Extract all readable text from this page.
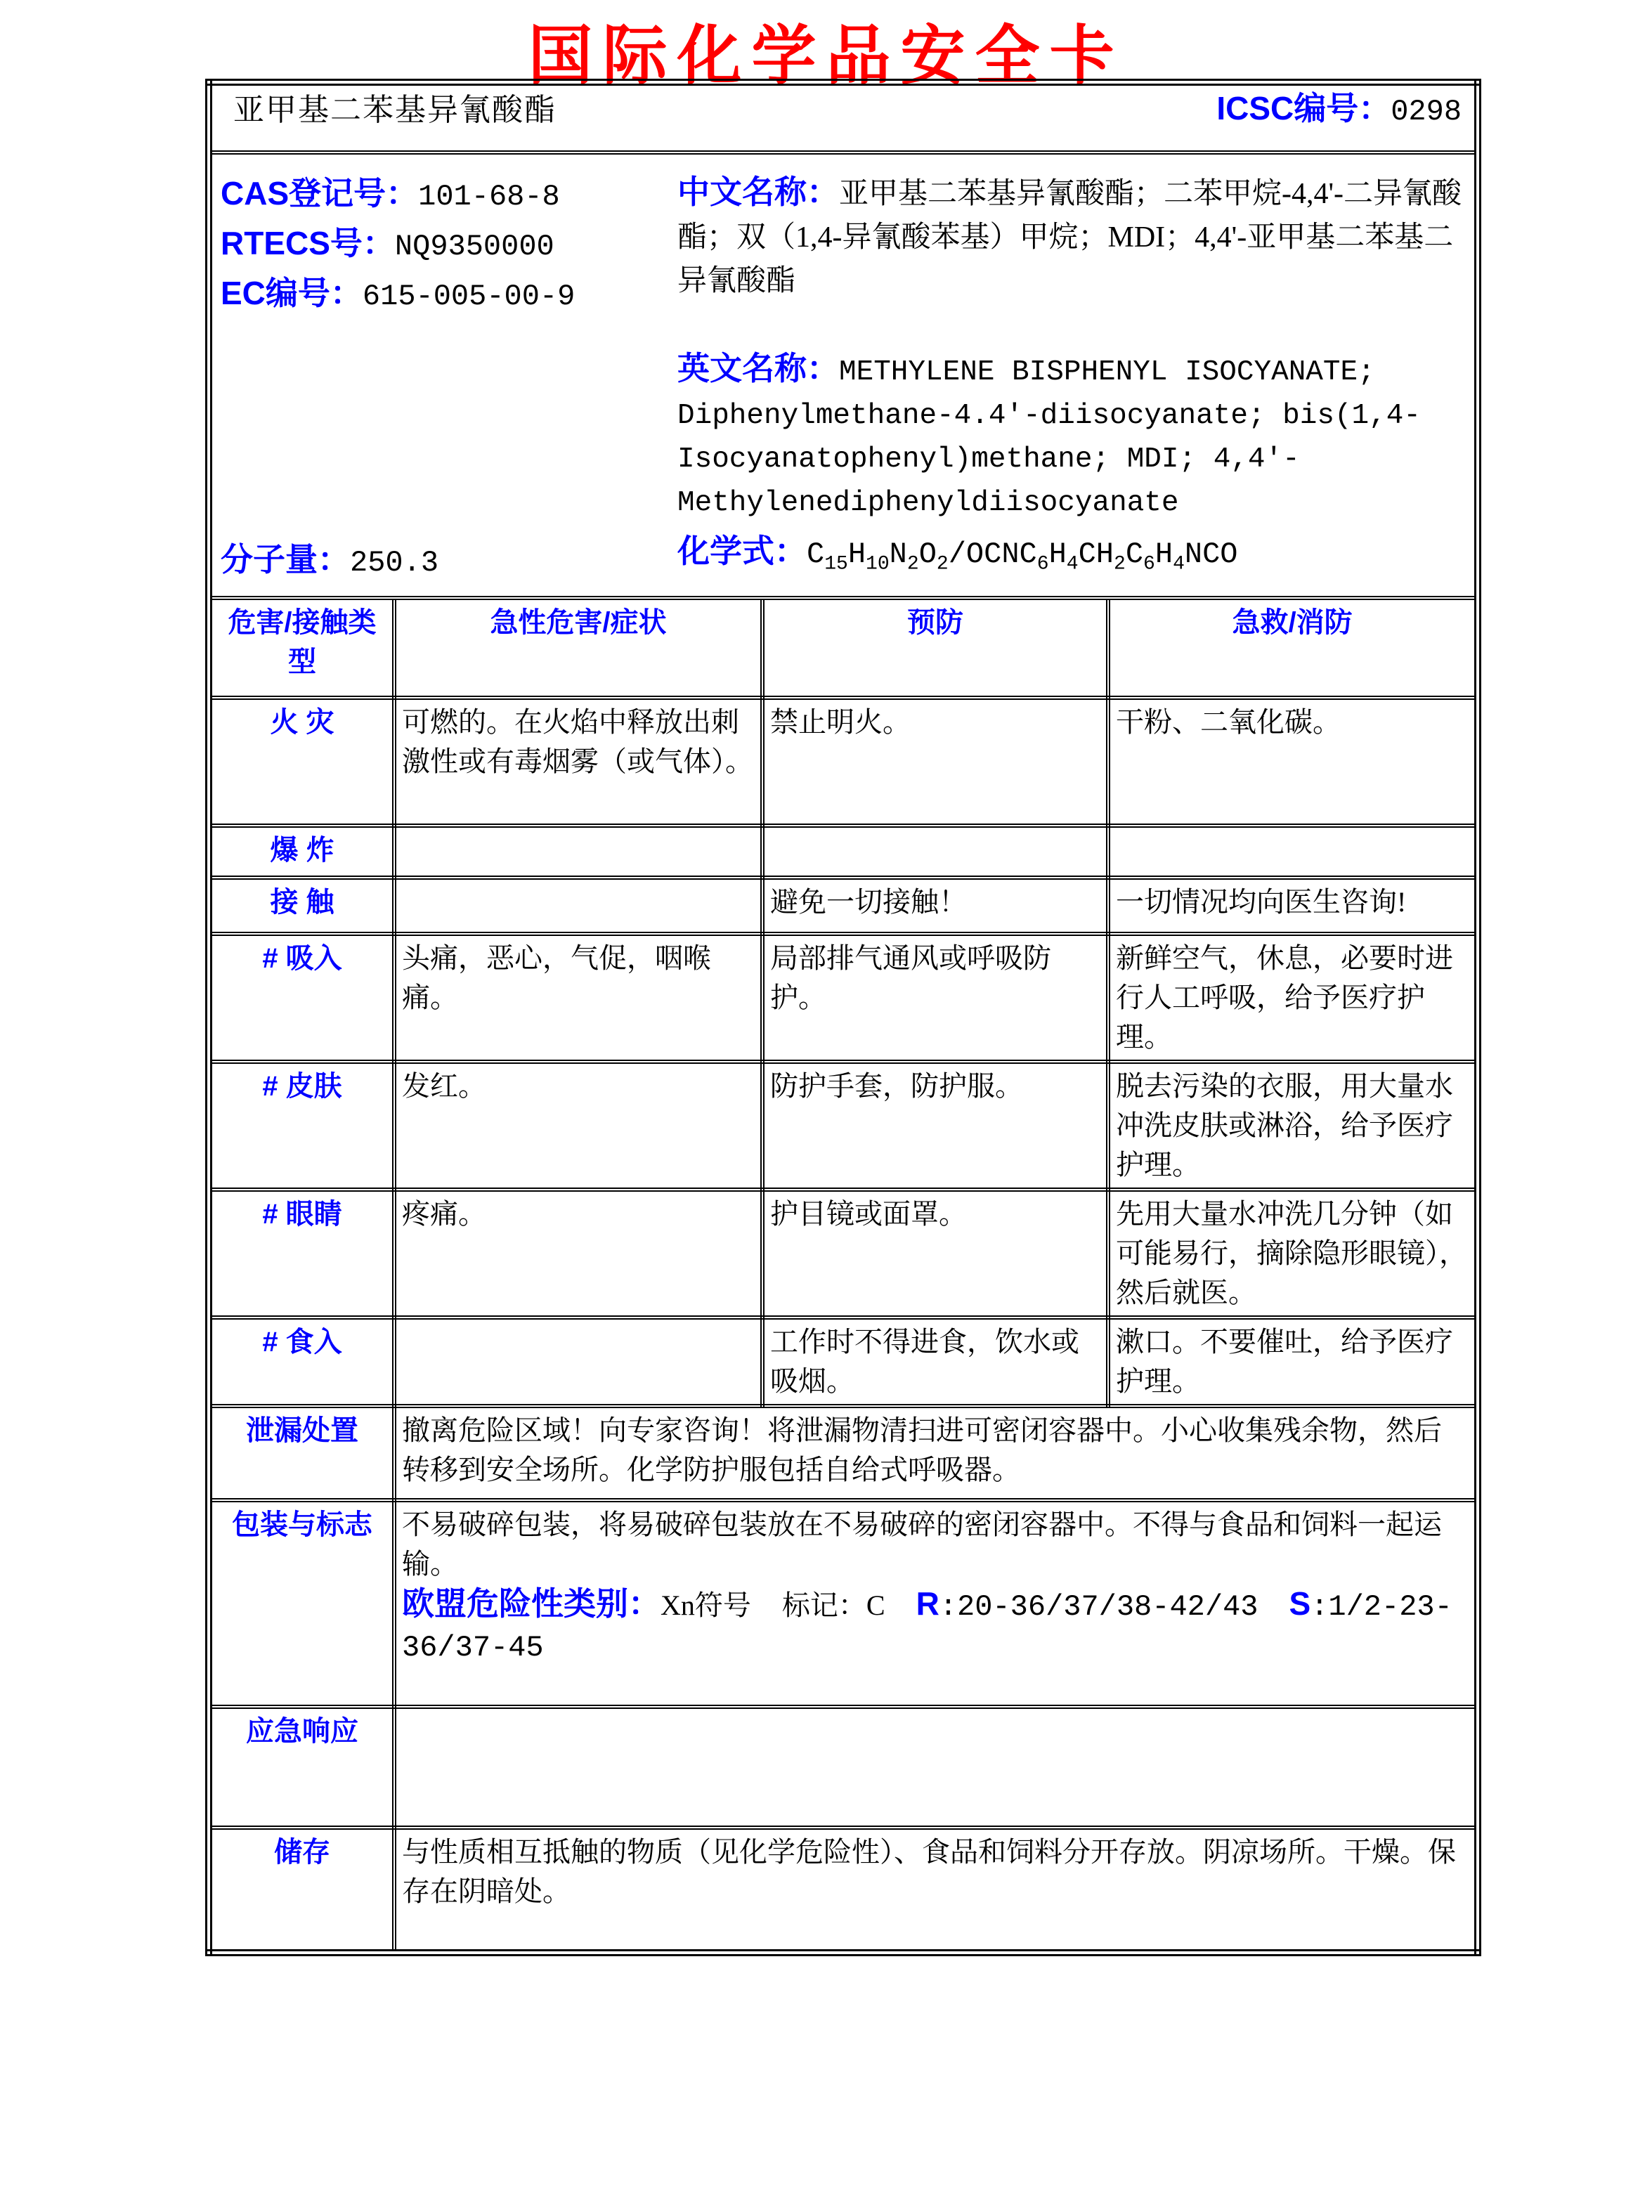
国际化学品安全卡
亚甲基二苯基异氰酸酯 ICSC编号：0298			

CAS登记号：101-68-8
RTECS号：NQ9350000
EC编号：615-005-00-9
分子量：250.3

中文名称：亚甲基二苯基异氰酸酯；二苯甲烷-4,4'-二异氰酸酯；双（1,4-异氰酸苯基）甲烷；MDI；4,4'-亚甲基二苯基二异氰酸酯

英文名称：METHYLENE BISPHENYL ISOCYANATE; Diphenylmethane-4.4'-diisocyanate; bis(1,4-Isocyanatophenyl)methane; MDI; 4,4'-Methylenediphenyldiisocyanate

化学式：$C_{15}H_{10}N_2O_2/OCNC_6H_4CH_2C_6H_4NCO$

危害/接触类型	急性危害/症状	预防	急救/消防
火 灾	可燃的。在火焰中释放出刺激性或有毒烟雾（或气体）。	禁止明火。	干粉、二氧化碳。
爆 炸			
接 触		避免一切接触！	一切情况均向医生咨询!
# 吸入	头痛，恶心，气促，咽喉痛。	局部排气通风或呼吸防护。	新鲜空气，休息，必要时进行人工呼吸，给予医疗护理。
# 皮肤	发红。	防护手套，防护服。	脱去污染的衣服，用大量水冲洗皮肤或淋浴，给予医疗护理。
# 眼睛	疼痛。	护目镜或面罩。	先用大量水冲洗几分钟（如可能易行，摘除隐形眼镜），然后就医。
# 食入		工作时不得进食，饮水或吸烟。	漱口。不要催吐，给予医疗护理。
泄漏处置	撤离危险区域！向专家咨询！将泄漏物清扫进可密闭容器中。小心收集残余物，然后转移到安全场所。化学防护服包括自给式呼吸器。		
包装与标志	不易破碎包装，将易破碎包装放在不易破碎的密闭容器中。不得与食品和饲料一起运输。
欧盟危险性类别：Xn符号 标记：C R:20-36/37/38-42/43 S:1/2-23-36/37-45		

应急响应			
储存	与性质相互抵触的物质（见化学危险性）、食品和饲料分开存放。阴凉场所。干燥。保存在阴暗处。		
